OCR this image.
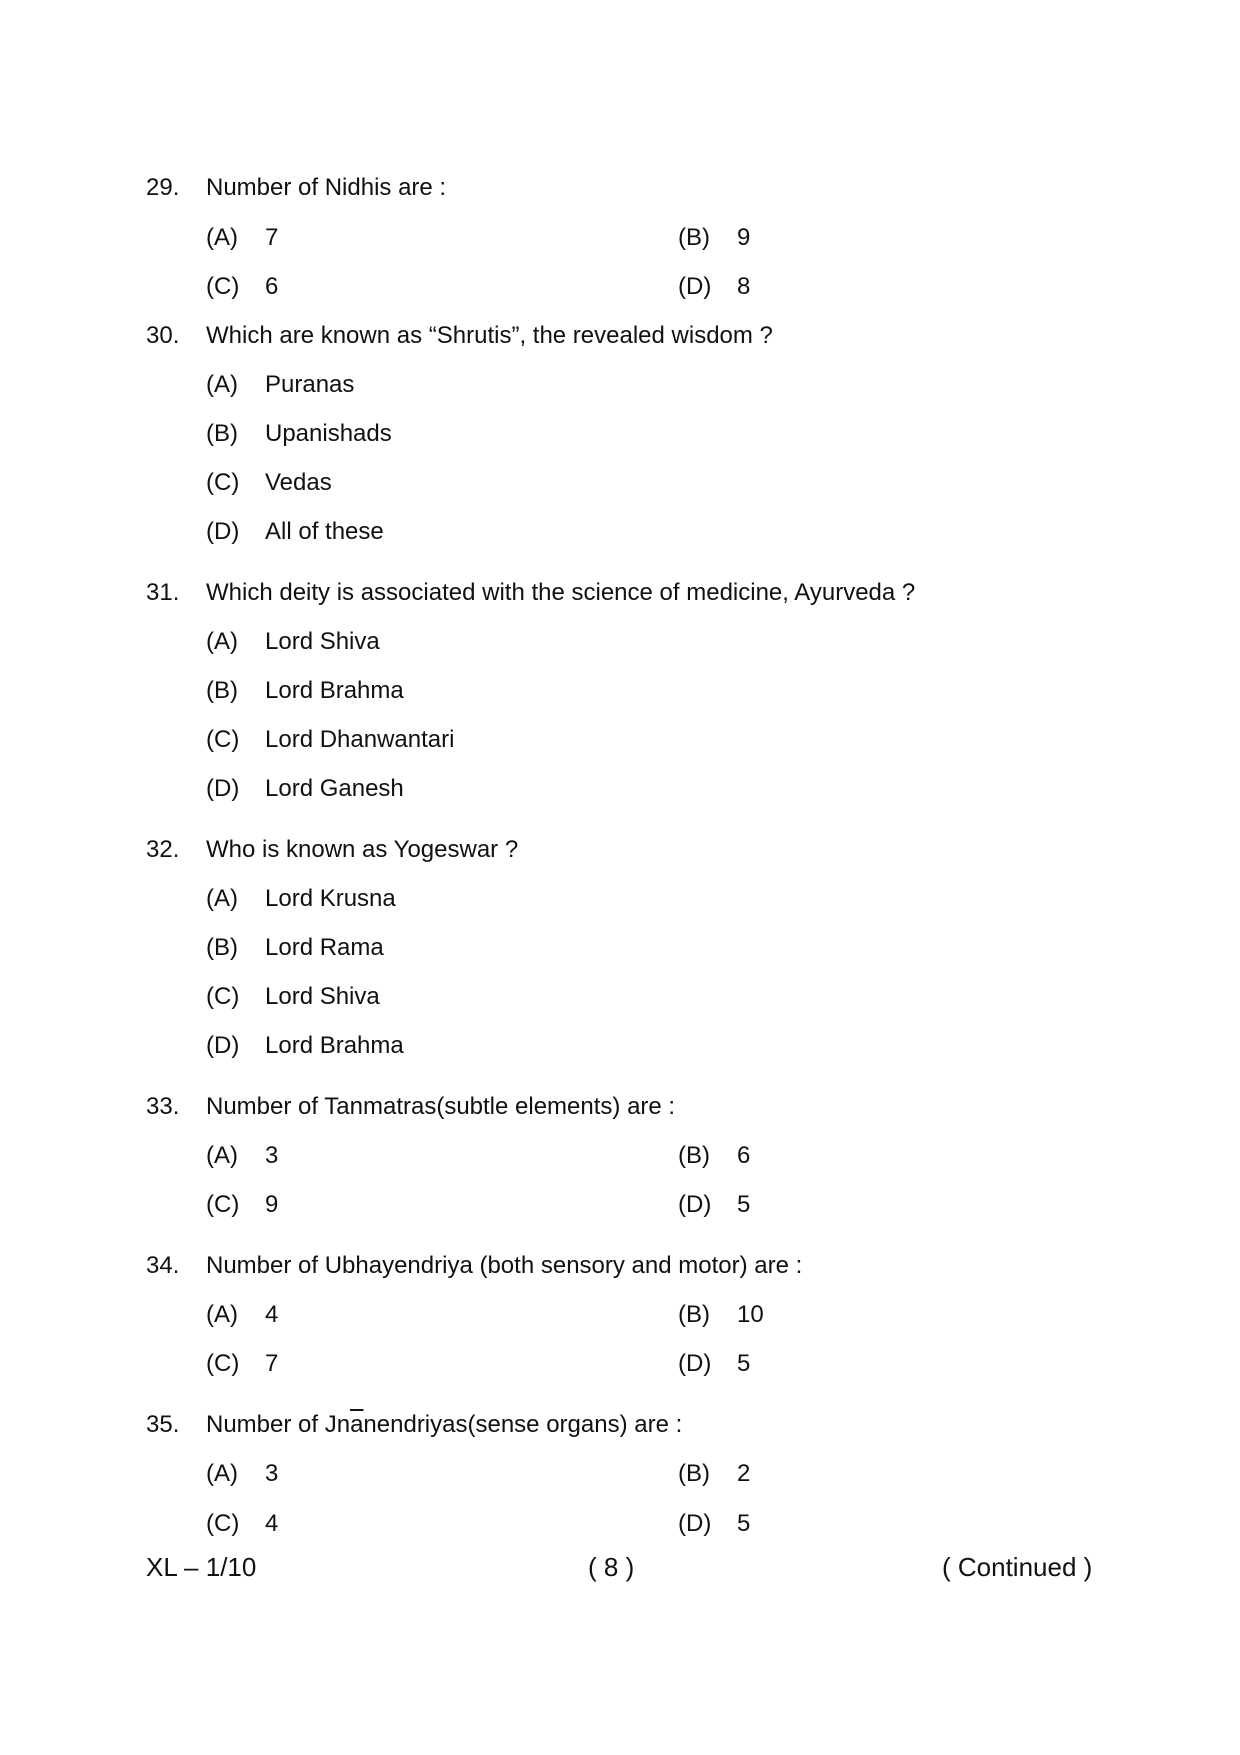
29. Number of Nidhis are :
(A) 7	(B) 9
(C) 6	(D) 8
30. Which are known as “Shrutis”, the revealed wisdom ?
(A) Puranas
(B) Upanishads
(C) Vedas
(D) All of these
31. Which deity is associated with the science of medicine, Ayurveda ?
(A) Lord Shiva
(B) Lord Brahma
(C) Lord Dhanwantari
(D) Lord Ganesh
32. Who is known as Yogeswar ?
(A) Lord Krusna
(B) Lord Rama
(C) Lord Shiva
(D) Lord Brahma
33. Number of Tanmatras(subtle elements) are :
(A) 3	(B) 6
(C) 9	(D) 5
34. Number of Ubhayendriya (both sensory and motor) are :
(A) 4	(B) 10
(C) 7	(D) 5
35. Number of $Jn\overline{a}nendriyas(sense$ organs) are :
(A) 3	(B) 2
(C) 4	(D) 5
XL – 1/10	( 8 )	( Continued )
